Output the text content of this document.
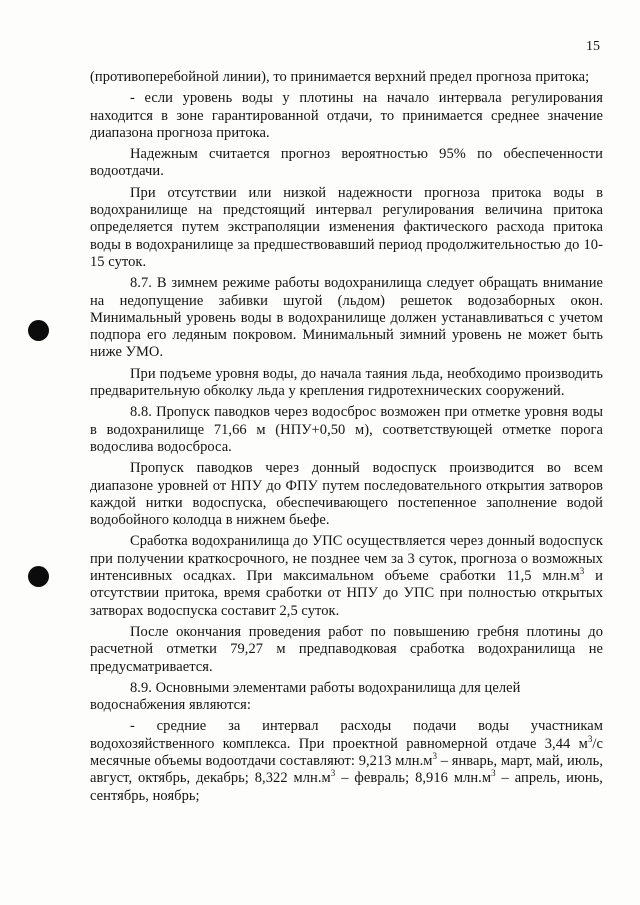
15

(противоперебойной линии), то принимается верхний предел прогноза притока;

- если уровень воды у плотины на начало интервала регулирования находится в зоне гарантированной отдачи, то принимается среднее значение диапазона прогноза притока.

Надежным считается прогноз вероятностью 95% по обеспеченности водоотдачи.

При отсутствии или низкой надежности прогноза притока воды в водохранилище на предстоящий интервал регулирования величина притока определяется путем экстраполяции изменения фактического расхода притока воды в водохранилище за предшествовавший период продолжительностью до 10-15 суток.

8.7. В зимнем режиме работы водохранилища следует обращать внимание на недопущение забивки шугой (льдом) решеток водозаборных окон. Минимальный уровень воды в водохранилище должен устанавливаться с учетом подпора его ледяным покровом. Минимальный зимний уровень не может быть ниже УМО.

При подъеме уровня воды, до начала таяния льда, необходимо производить предварительную обколку льда у крепления гидротехнических сооружений.

8.8. Пропуск паводков через водосброс возможен при отметке уровня воды в водохранилище 71,66 м (НПУ+0,50 м), соответствующей отметке порога водослива водосброса.

Пропуск паводков через донный водоспуск производится во всем диапазоне уровней от НПУ до ФПУ путем последовательного открытия затворов каждой нитки водоспуска, обеспечивающего постепенное заполнение водой водобойного колодца в нижнем бьефе.

Сработка водохранилища до УПС осуществляется через донный водоспуск при получении краткосрочного, не позднее чем за 3 суток, прогноза о возможных интенсивных осадках. При максимальном объеме сработки 11,5 $млн.м^3$ и отсутствии притока, время сработки от НПУ до УПС при полностью открытых затворах водоспуска составит 2,5 суток.

После окончания проведения работ по повышению гребня плотины до расчетной отметки 79,27 м предпаводковая сработка водохранилища не предусматривается.

8.9. Основными элементами работы водохранилища для целей водоснабжения являются:

- средние за интервал расходы подачи воды участникам водохозяйственного комплекса. При проектной равномерной отдаче 3,44 $м^3/с$ месячные объемы водоотдачи составляют: 9,213 $млн.м^3$ – январь, март, май, июль, август, октябрь, декабрь; 8,322 $млн.м^3$ – февраль; 8,916 $млн.м^3$ – апрель, июнь, сентябрь, ноябрь;
